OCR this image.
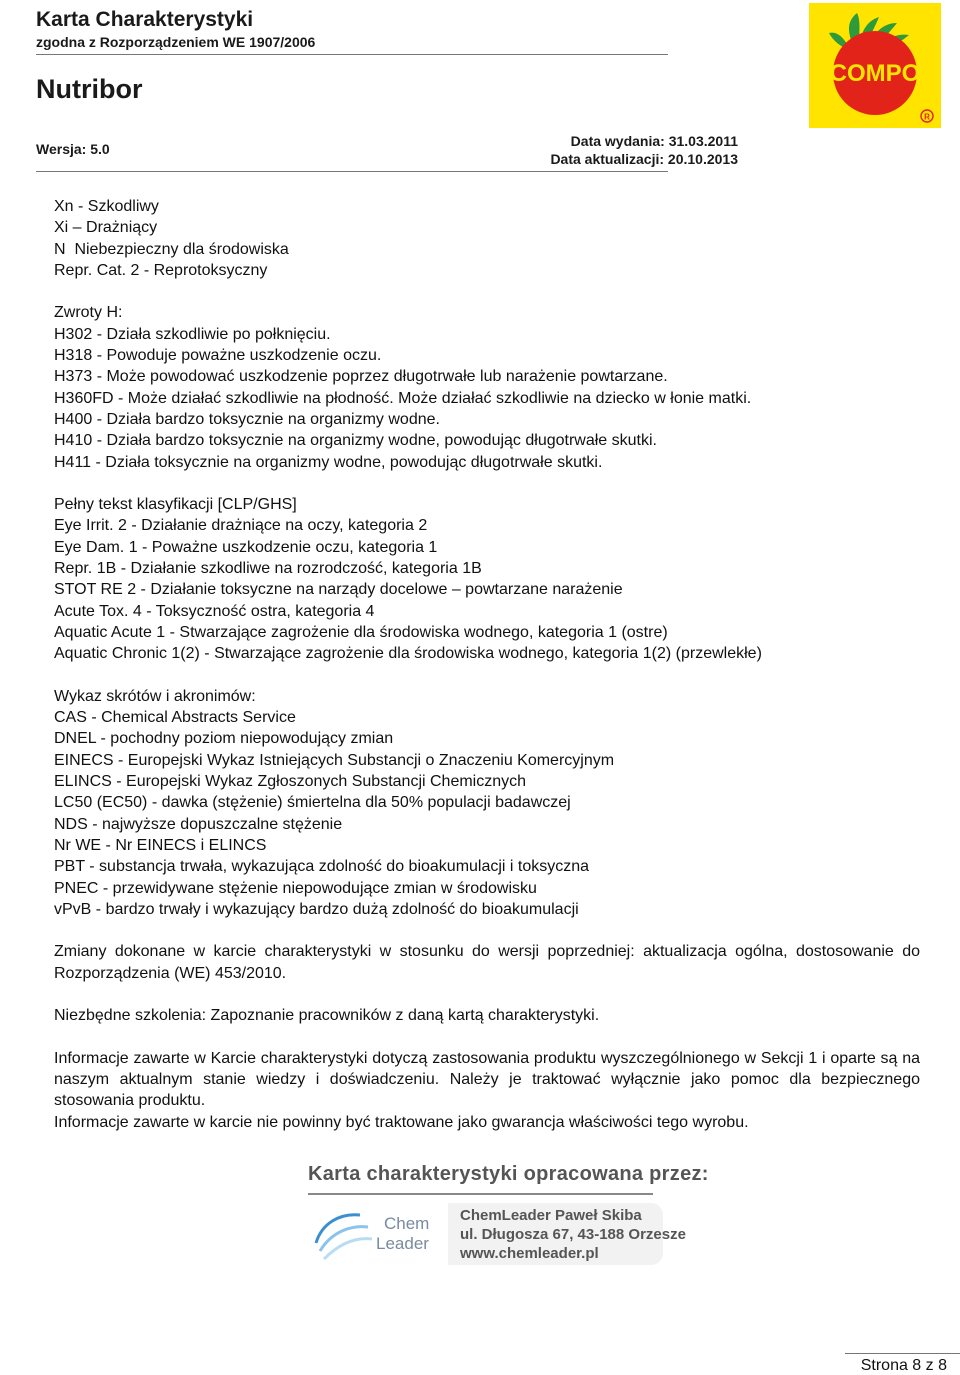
Karta Charakterystyki
zgodna z Rozporządzeniem WE 1907/2006
Nutribor
Wersja: 5.0	Data wydania: 31.03.2011
Data aktualizacji: 20.10.2013
COMPO
R
Xn - Szkodliwy
Xi – Drażniący
N  Niebezpieczny dla środowiska
Repr. Cat. 2 - Reprotoksyczny
Zwroty H:
H302 - Działa szkodliwie po połknięciu.
H318 - Powoduje poważne uszkodzenie oczu.
H373 - Może powodować uszkodzenie poprzez długotrwałe lub narażenie powtarzane.
H360FD - Może działać szkodliwie na płodność. Może działać szkodliwie na dziecko w łonie matki.
H400 - Działa bardzo toksycznie na organizmy wodne.
H410 - Działa bardzo toksycznie na organizmy wodne, powodując długotrwałe skutki.
H411 - Działa toksycznie na organizmy wodne, powodując długotrwałe skutki.
Pełny tekst klasyfikacji [CLP/GHS]
Eye Irrit. 2 - Działanie drażniące na oczy, kategoria 2
Eye Dam. 1 - Poważne uszkodzenie oczu, kategoria 1
Repr. 1B - Działanie szkodliwe na rozrodczość, kategoria 1B
STOT RE 2 - Działanie toksyczne na narządy docelowe – powtarzane narażenie
Acute Tox. 4 - Toksyczność ostra, kategoria 4
Aquatic Acute 1 - Stwarzające zagrożenie dla środowiska wodnego, kategoria 1 (ostre)
Aquatic Chronic 1(2) - Stwarzające zagrożenie dla środowiska wodnego, kategoria 1(2) (przewlekłe)
Wykaz skrótów i akronimów:
CAS - Chemical Abstracts Service
DNEL - pochodny poziom niepowodujący zmian
EINECS - Europejski Wykaz Istniejących Substancji o Znaczeniu Komercyjnym
ELINCS - Europejski Wykaz Zgłoszonych Substancji Chemicznych
LC50 (EC50) - dawka (stężenie) śmiertelna dla 50% populacji badawczej
NDS - najwyższe dopuszczalne stężenie
Nr WE - Nr EINECS i ELINCS
PBT - substancja trwała, wykazująca zdolność do bioakumulacji i toksyczna
PNEC - przewidywane stężenie niepowodujące zmian w środowisku
vPvB - bardzo trwały i wykazujący bardzo dużą zdolność do bioakumulacji
Zmiany dokonane w karcie charakterystyki w stosunku do wersji poprzedniej: aktualizacja ogólna, dostosowanie do Rozporządzenia (WE) 453/2010.
Niezbędne szkolenia: Zapoznanie pracowników z daną kartą charakterystyki.
Informacje zawarte w Karcie charakterystyki dotyczą zastosowania produktu wyszczególnionego w Sekcji 1 i oparte są na naszym aktualnym stanie wiedzy i doświadczeniu. Należy je traktować wyłącznie jako pomoc dla bezpiecznego stosowania produktu.
Informacje zawarte w karcie nie powinny być traktowane jako gwarancja właściwości tego wyrobu.
Karta charakterystyki opracowana przez:
Chem
Leader
ChemLeader Paweł Skiba
ul. Długosza 67, 43-188 Orzesze
www.chemleader.pl
Strona 8 z 8
